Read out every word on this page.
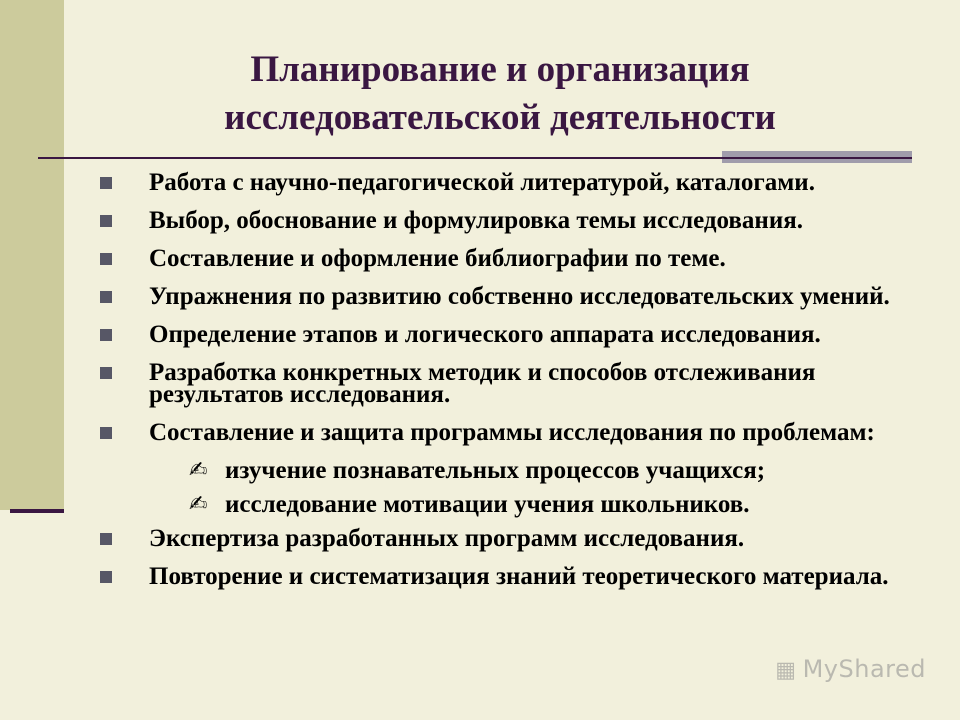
Планирование и организация
исследовательской деятельности
Работа с научно-педагогической литературой, каталогами.
Выбор, обоснование и формулировка темы исследования.
Составление и оформление библиографии по теме.
Упражнения по развитию собственно исследовательских умений.
Определение этапов и логического аппарата исследования.
Разработка конкретных методик и способов отслеживания результатов исследования.
Составление и защита программы исследования по проблемам:
✍ изучение познавательных процессов учащихся;
✍ исследование мотивации учения школьников.
Экспертиза разработанных программ исследования.
Повторение и систематизация знаний теоретического материала.
▦ MyShared
